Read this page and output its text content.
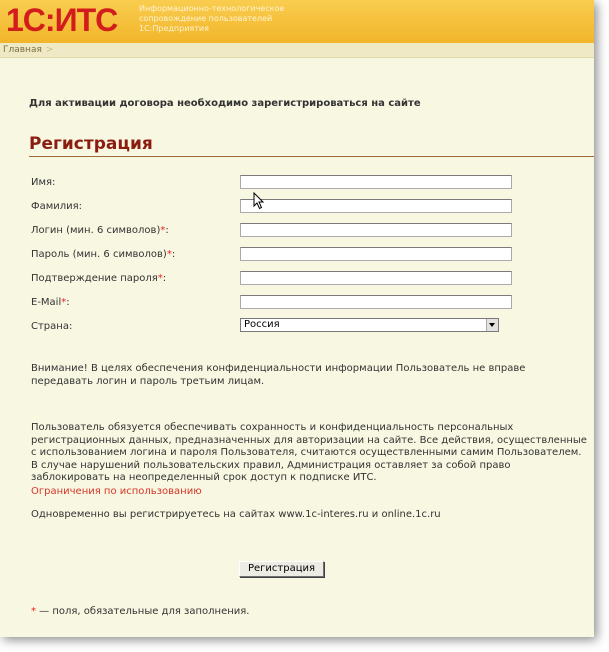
1С:ИТС	Информационно-технологическое
сопровождение пользователей
1С:Предприятия
Главная >
Для активации договора необходимо зарегистрироваться на сайте
Регистрация
Имя:
Фамилия:
Логин (мин. 6 символов)*:
Пароль (мин. 6 символов)*:
Подтверждение пароля*:
E-Mail*:
Страна:	Россия
Внимание! В целях обеспечения конфиденциальности информации Пользователь не вправе передавать логин и пароль третьим лицам.
Пользователь обязуется обеспечивать сохранность и конфиденциальность персональных регистрационных данных, предназначенных для авторизации на сайте. Все действия, осуществленные с использованием логина и пароля Пользователя, считаются осуществленными самим Пользователем. В случае нарушений пользовательских правил, Администрация оставляет за собой право заблокировать на неопределенный срок доступ к подписке ИТС.
Ограничения по использованию
Одновременно вы регистрируетесь на сайтах www.1c-interes.ru и online.1c.ru
Регистрация
* — поля, обязательные для заполнения.
